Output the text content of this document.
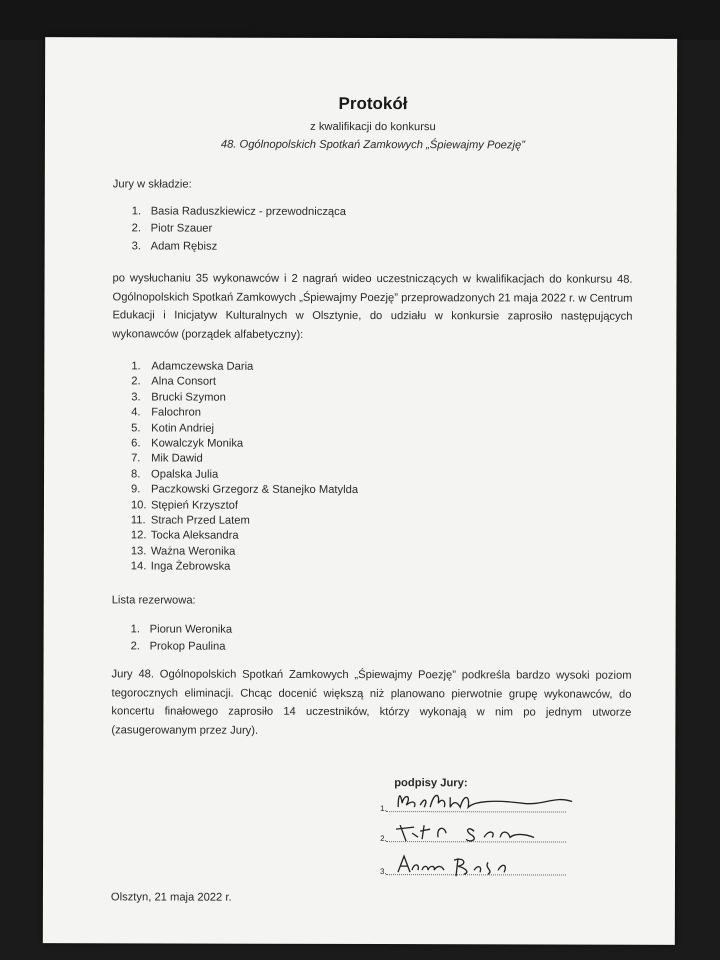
Protokół
z kwalifikacji do konkursu
48. Ogólnopolskich Spotkań Zamkowych „Śpiewajmy Poezję”
Jury w składzie:
1. Basia Raduszkiewicz - przewodnicząca
2. Piotr Szauer
3. Adam Rębisz
po wysłuchaniu 35 wykonawców i 2 nagrań wideo uczestniczących w kwalifikacjach do konkursu 48. Ogólnopolskich Spotkań Zamkowych „Śpiewajmy Poezję” przeprowadzonych 21 maja 2022 r. w Centrum Edukacji i Inicjatyw Kulturalnych w Olsztynie, do udziału w konkursie zaprosiło następujących wykonawców (porządek alfabetyczny):
1. Adamczewska Daria
2. Alna Consort
3. Brucki Szymon
4. Falochron
5. Kotin Andriej
6. Kowalczyk Monika
7. Mik Dawid
8. Opalska Julia
9. Paczkowski Grzegorz & Stanejko Matylda
10. Stępień Krzysztof
11. Strach Przed Latem
12. Tocka Aleksandra
13. Ważna Weronika
14. Inga Żebrowska
Lista rezerwowa:
1. Piorun Weronika
2. Prokop Paulina
Jury 48. Ogólnopolskich Spotkań Zamkowych „Śpiewajmy Poezję” podkreśla bardzo wysoki poziom tegorocznych eliminacji. Chcąc docenić większą niż planowano pierwotnie grupę wykonawców, do koncertu finałowego zaprosiło 14 uczestników, którzy wykonają w nim po jednym utworze (zasugerowanym przez Jury).
Olsztyn, 21 maja 2022 r.
podpisy Jury:
1.
2.
3.
